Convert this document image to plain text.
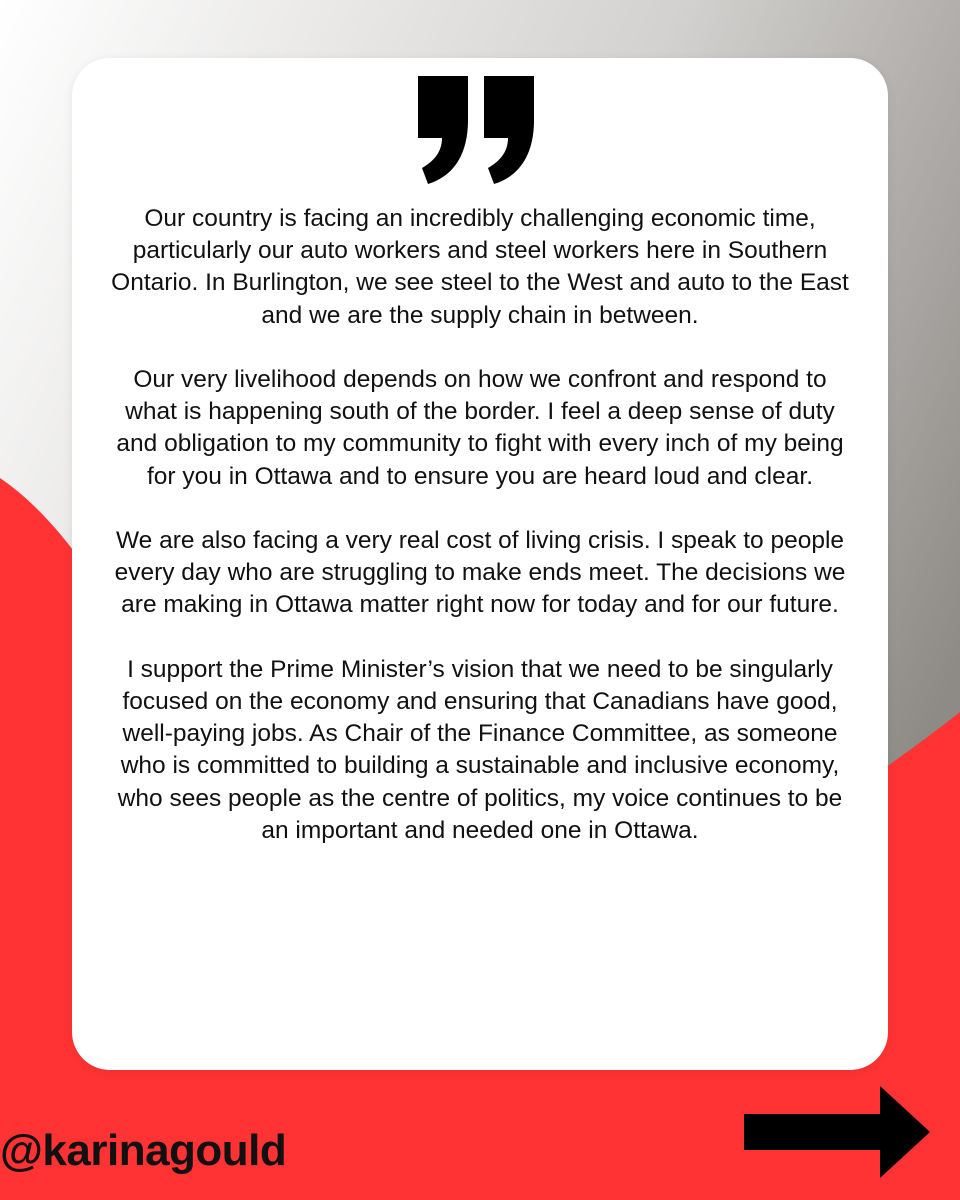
Our country is facing an incredibly challenging economic time, particularly our auto workers and steel workers here in Southern Ontario. In Burlington, we see steel to the West and auto to the East and we are the supply chain in between.

Our very livelihood depends on how we confront and respond to what is happening south of the border. I feel a deep sense of duty and obligation to my community to fight with every inch of my being for you in Ottawa and to ensure you are heard loud and clear.

We are also facing a very real cost of living crisis. I speak to people every day who are struggling to make ends meet. The decisions we are making in Ottawa matter right now for today and for our future.

I support the Prime Minister’s vision that we need to be singularly focused on the economy and ensuring that Canadians have good, well-paying jobs. As Chair of the Finance Committee, as someone who is committed to building a sustainable and inclusive economy, who sees people as the centre of politics, my voice continues to be an important and needed one in Ottawa.

@karinagould
